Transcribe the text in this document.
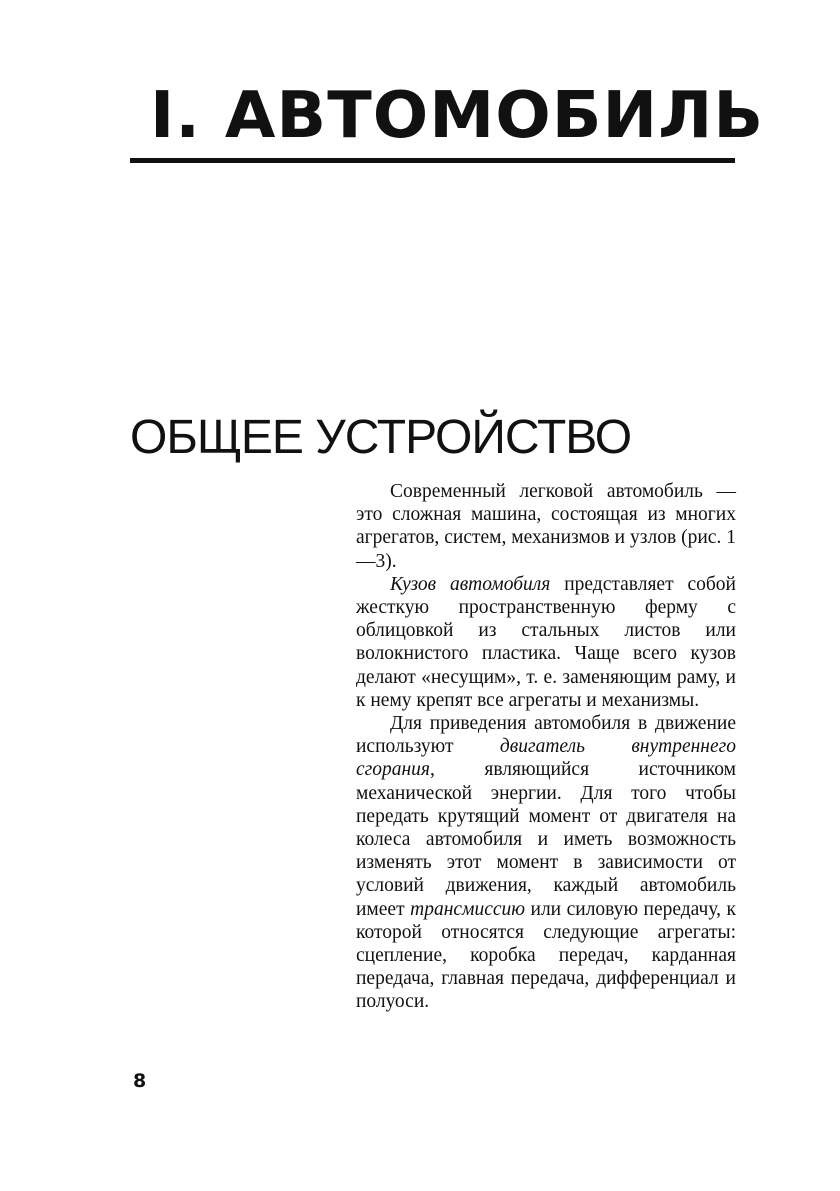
I. АВТОМОБИЛЬ
ОБЩЕЕ УСТРОЙСТВО

Современный легковой автомобиль — это сложная машина, состоящая из многих агрегатов, систем, механизмов и узлов (рис. 1—3).

Кузов автомобиля представляет собой жесткую пространственную ферму с облицовкой из стальных листов или волокнистого пластика. Чаще всего кузов делают «несущим», т. е. заменяющим раму, и к нему крепят все агрегаты и механизмы.

Для приведения автомобиля в движение используют двигатель внутреннего сгорания, являющийся источником механической энергии. Для того чтобы передать крутящий момент от двигателя на колеса автомобиля и иметь возможность изменять этот момент в зависимости от условий движения, каждый автомобиль имеет трансмиссию или силовую передачу, к которой относятся следующие агрегаты: сцепление, коробка передач, карданная передача, главная передача, дифференциал и полуоси.

8
